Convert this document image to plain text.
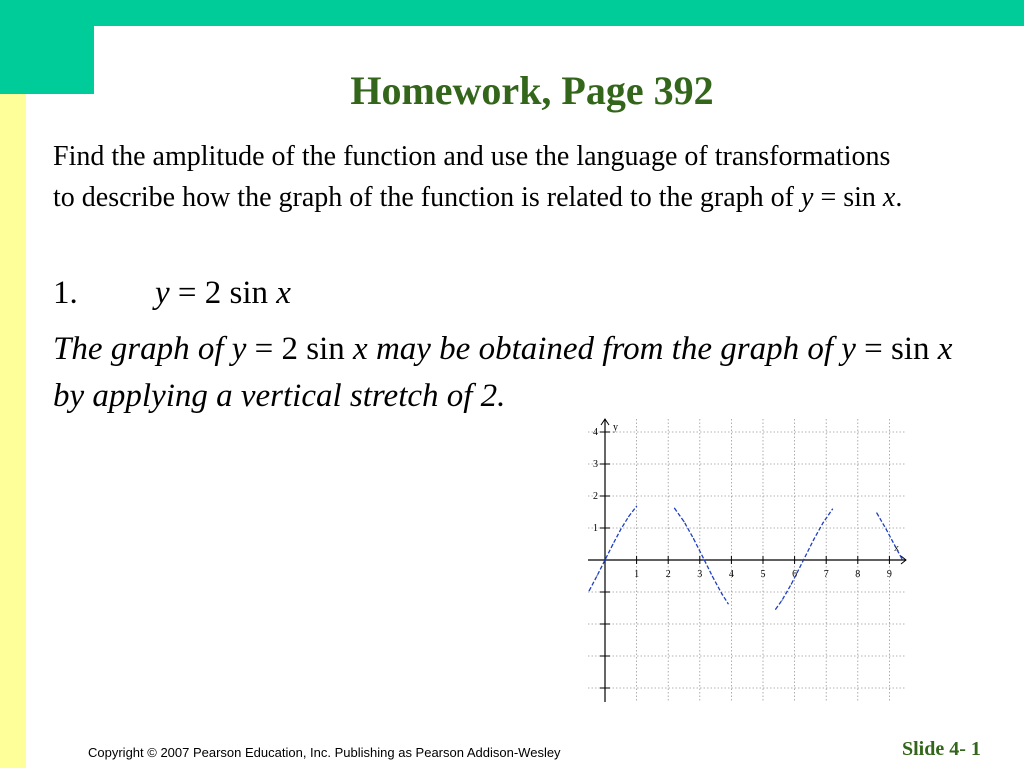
Homework, Page 392

Find the amplitude of the function and use the language of transformations to describe how the graph of the function is related to the graph of y = sin x.

1. y = 2 sin x

The graph of y = 2 sin x may be obtained from the graph of y = sin x by applying a vertical stretch of 2.

1	2	3	4	5	6	7	8	9
1
2
3
4
x
y
Copyright © 2007 Pearson Education, Inc. Publishing as Pearson Addison-Wesley	Slide 4- 1
